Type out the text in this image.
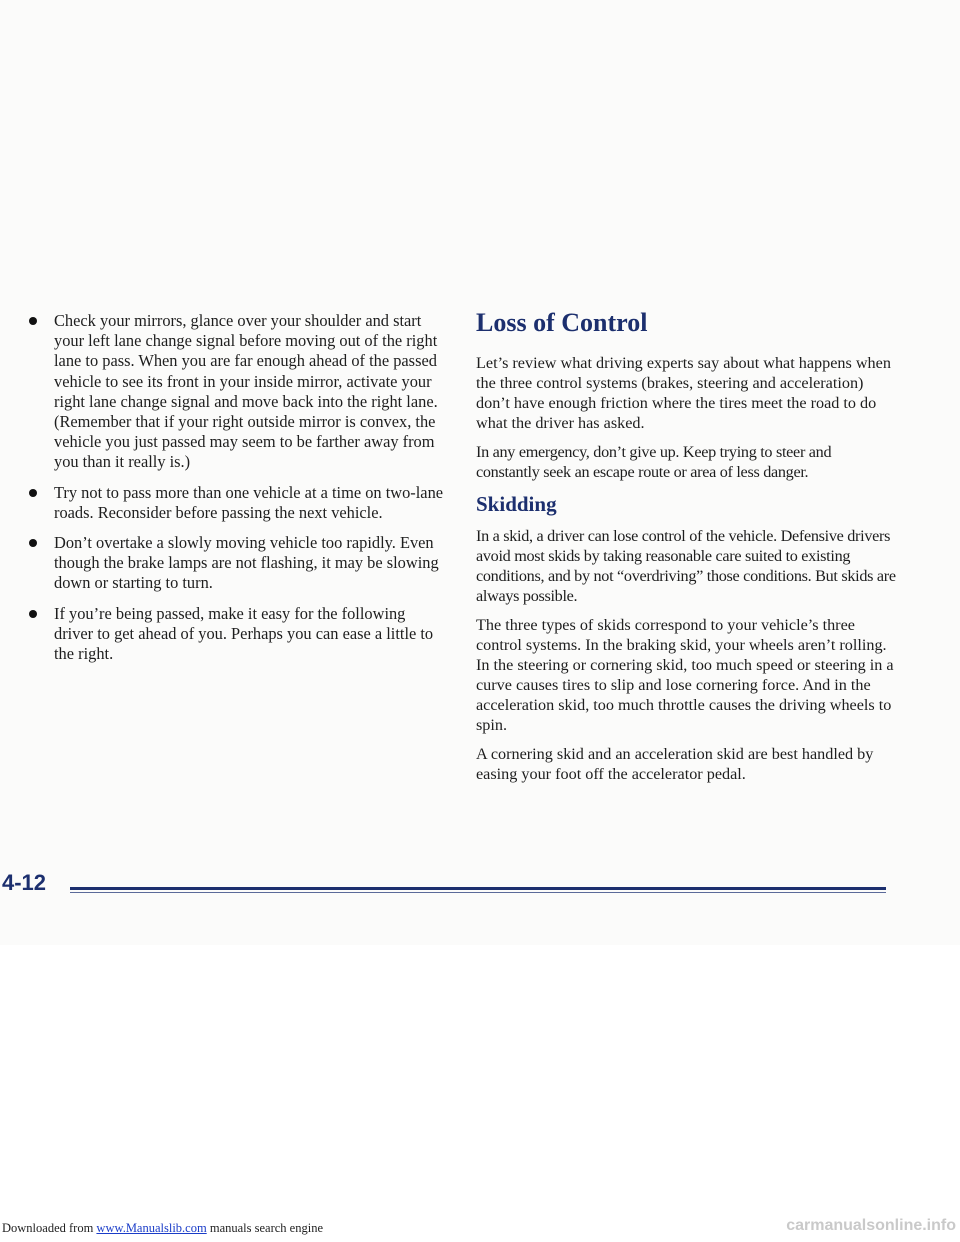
Check your mirrors, glance over your shoulder and start your left lane change signal before moving out of the right lane to pass. When you are far enough ahead of the passed vehicle to see its front in your inside mirror, activate your right lane change signal and move back into the right lane. (Remember that if your right outside mirror is convex, the vehicle you just passed may seem to be farther away from you than it really is.)
Try not to pass more than one vehicle at a time on two-lane roads. Reconsider before passing the next vehicle.
Don’t overtake a slowly moving vehicle too rapidly. Even though the brake lamps are not flashing, it may be slowing down or starting to turn.
If you’re being passed, make it easy for the following driver to get ahead of you. Perhaps you can ease a little to the right.
Loss of Control

Let’s review what driving experts say about what happens when the three control systems (brakes, steering and acceleration) don’t have enough friction where the tires meet the road to do what the driver has asked.

In any emergency, don’t give up. Keep trying to steer and constantly seek an escape route or area of less danger.

Skidding

In a skid, a driver can lose control of the vehicle. Defensive drivers avoid most skids by taking reasonable care suited to existing conditions, and by not “overdriving” those conditions. But skids are always possible.

The three types of skids correspond to your vehicle’s three control systems. In the braking skid, your wheels aren’t rolling. In the steering or cornering skid, too much speed or steering in a curve causes tires to slip and lose cornering force. And in the acceleration skid, too much throttle causes the driving wheels to spin.

A cornering skid and an acceleration skid are best handled by easing your foot off the accelerator pedal.

4-12
Downloaded from www.Manualslib.com manuals search engine	carmanualsonline.info
